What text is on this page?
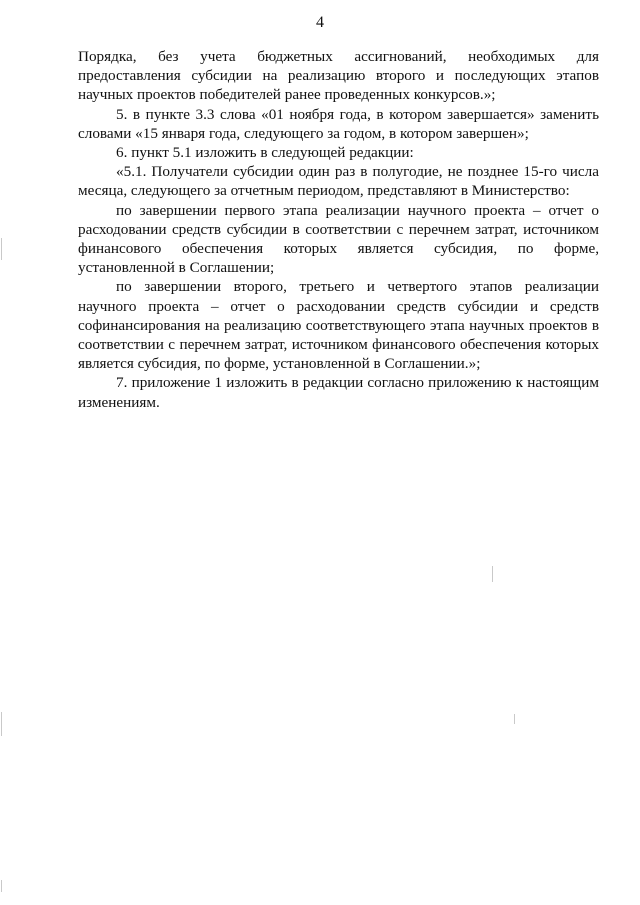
4

Порядка, без учета бюджетных ассигнований, необходимых для предоставления субсидии на реализацию второго и последующих этапов научных проектов победителей ранее проведенных конкурсов.»;

5. в пункте 3.3 слова «01 ноября года, в котором завершается» заменить словами «15 января года, следующего за годом, в котором завершен»;

6. пункт 5.1 изложить в следующей редакции:

«5.1. Получатели субсидии один раз в полугодие, не позднее 15-го числа месяца, следующего за отчетным периодом, представляют в Министерство:

по завершении первого этапа реализации научного проекта – отчет о расходовании средств субсидии в соответствии с перечнем затрат, источником финансового обеспечения которых является субсидия, по форме, установленной в Соглашении;

по завершении второго, третьего и четвертого этапов реализации научного проекта – отчет о расходовании средств субсидии и средств софинансирования на реализацию соответствующего этапа научных проектов в соответствии с перечнем затрат, источником финансового обеспечения которых является субсидия, по форме, установленной в Соглашении.»;

7. приложение 1 изложить в редакции согласно приложению к настоящим изменениям.
